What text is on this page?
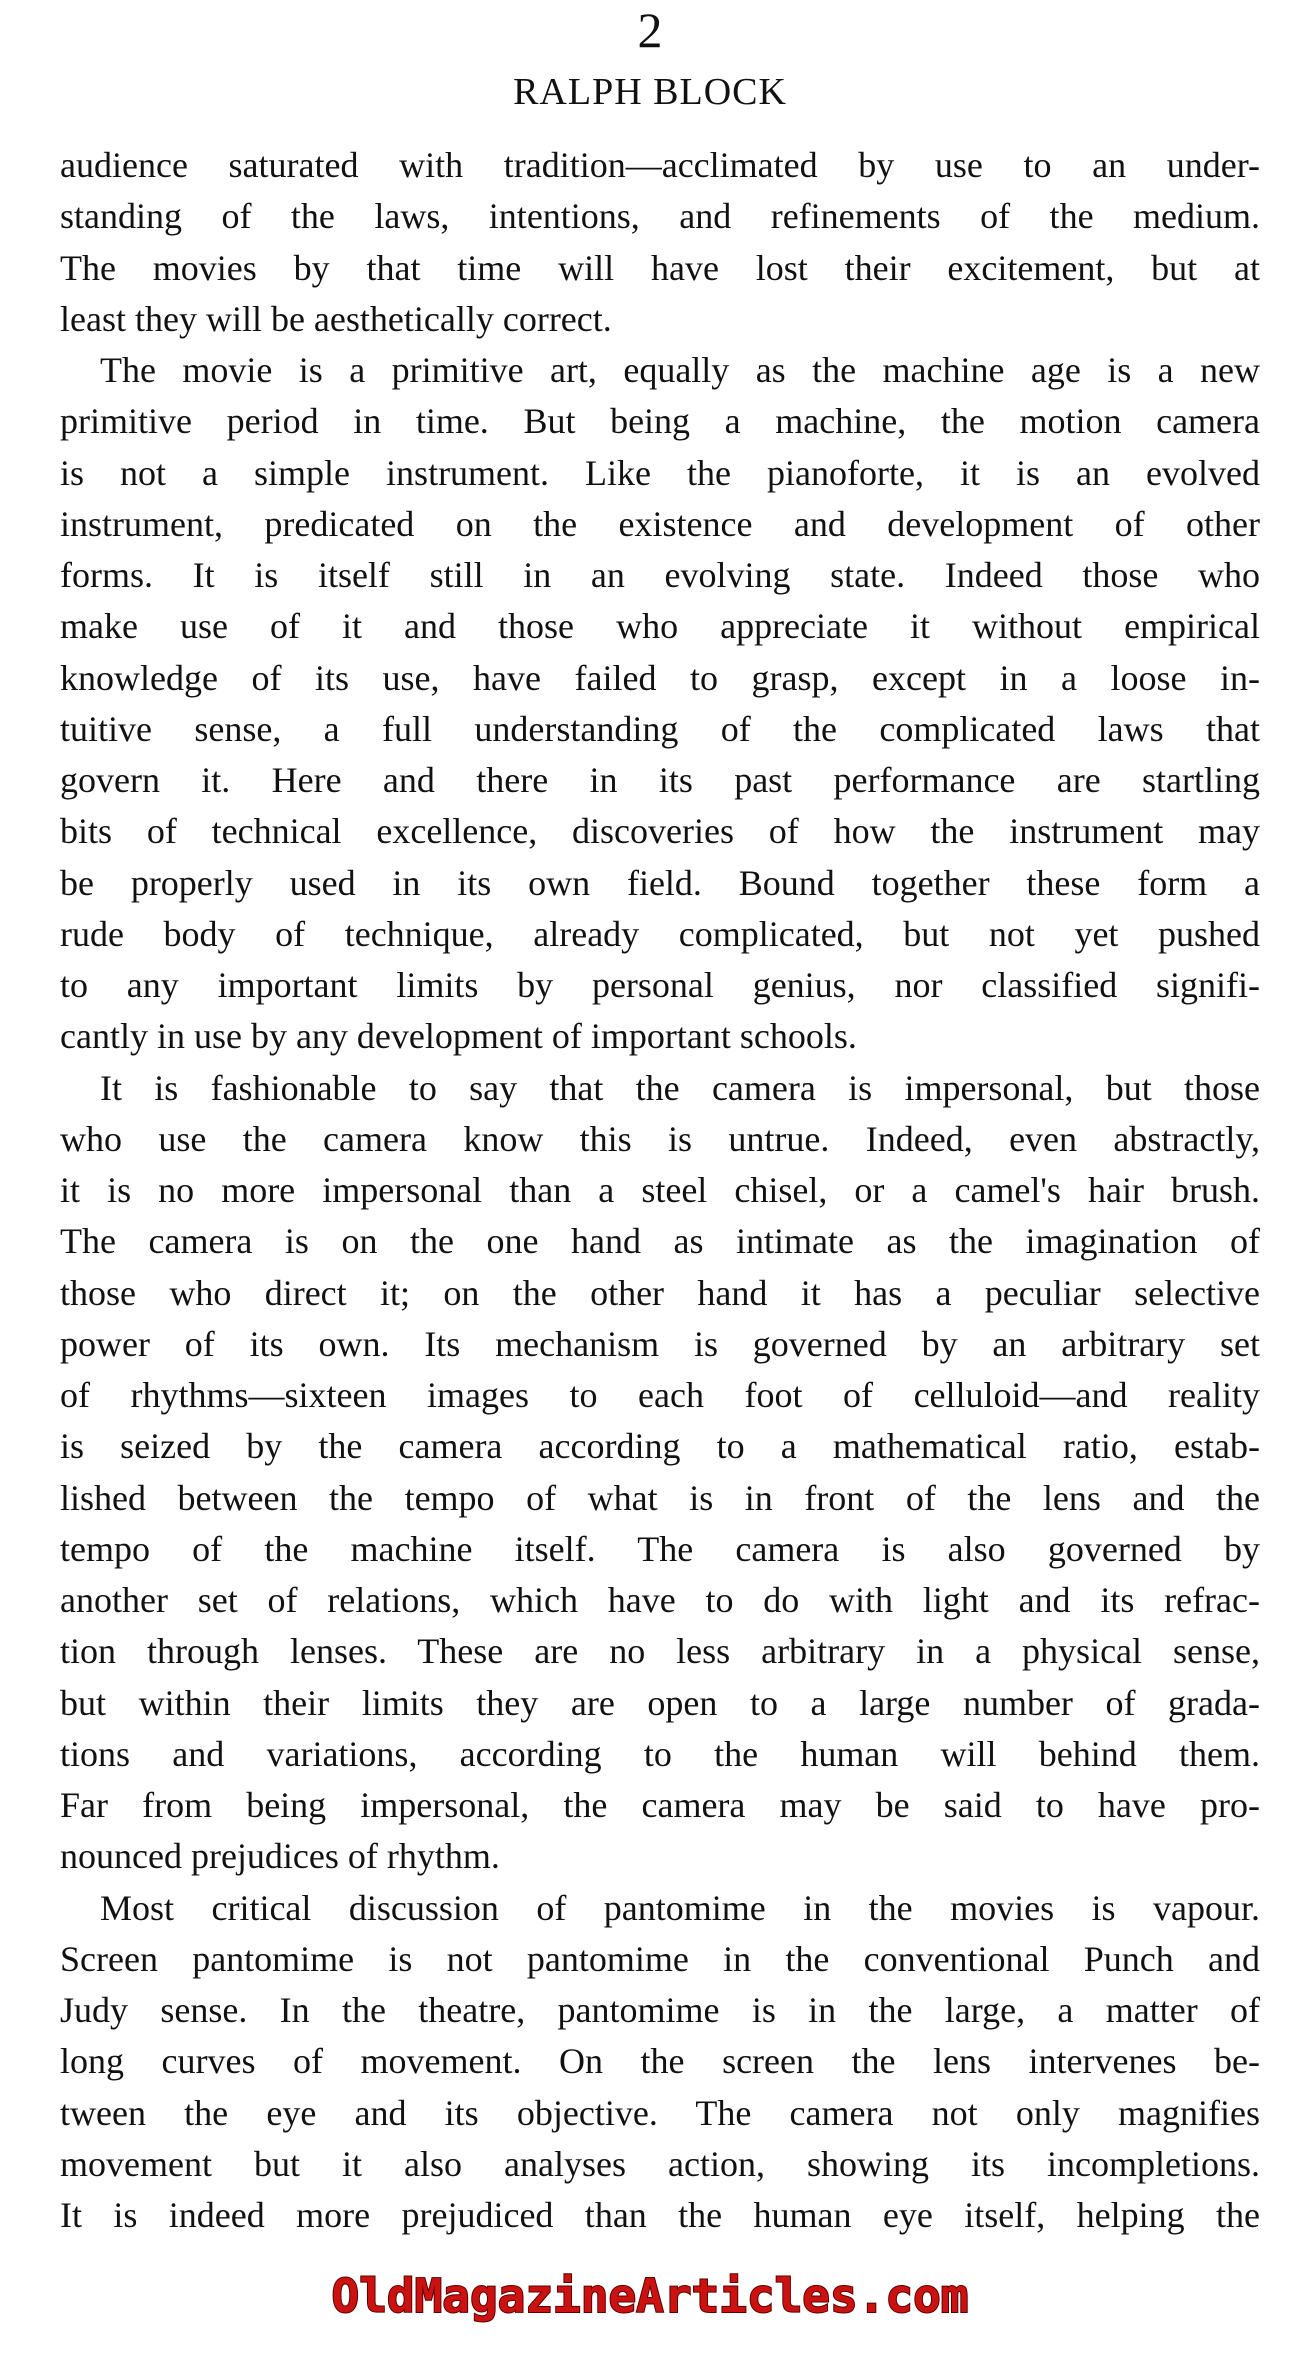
2
RALPH BLOCK
audience saturated with tradition—acclimated by use to an under-
standing of the laws, intentions, and refinements of the medium.
The movies by that time will have lost their excitement, but at
least they will be aesthetically correct.
The movie is a primitive art, equally as the machine age is a new
primitive period in time. But being a machine, the motion camera
is not a simple instrument. Like the pianoforte, it is an evolved
instrument, predicated on the existence and development of other
forms. It is itself still in an evolving state. Indeed those who
make use of it and those who appreciate it without empirical
knowledge of its use, have failed to grasp, except in a loose in-
tuitive sense, a full understanding of the complicated laws that
govern it. Here and there in its past performance are startling
bits of technical excellence, discoveries of how the instrument may
be properly used in its own field. Bound together these form a
rude body of technique, already complicated, but not yet pushed
to any important limits by personal genius, nor classified signifi-
cantly in use by any development of important schools.
It is fashionable to say that the camera is impersonal, but those
who use the camera know this is untrue. Indeed, even abstractly,
it is no more impersonal than a steel chisel, or a camel's hair brush.
The camera is on the one hand as intimate as the imagination of
those who direct it; on the other hand it has a peculiar selective
power of its own. Its mechanism is governed by an arbitrary set
of rhythms—sixteen images to each foot of celluloid—and reality
is seized by the camera according to a mathematical ratio, estab-
lished between the tempo of what is in front of the lens and the
tempo of the machine itself. The camera is also governed by
another set of relations, which have to do with light and its refrac-
tion through lenses. These are no less arbitrary in a physical sense,
but within their limits they are open to a large number of grada-
tions and variations, according to the human will behind them.
Far from being impersonal, the camera may be said to have pro-
nounced prejudices of rhythm.
Most critical discussion of pantomime in the movies is vapour.
Screen pantomime is not pantomime in the conventional Punch and
Judy sense. In the theatre, pantomime is in the large, a matter of
long curves of movement. On the screen the lens intervenes be-
tween the eye and its objective. The camera not only magnifies
movement but it also analyses action, showing its incompletions.
It is indeed more prejudiced than the human eye itself, helping the
OldMagazineArticles.com
